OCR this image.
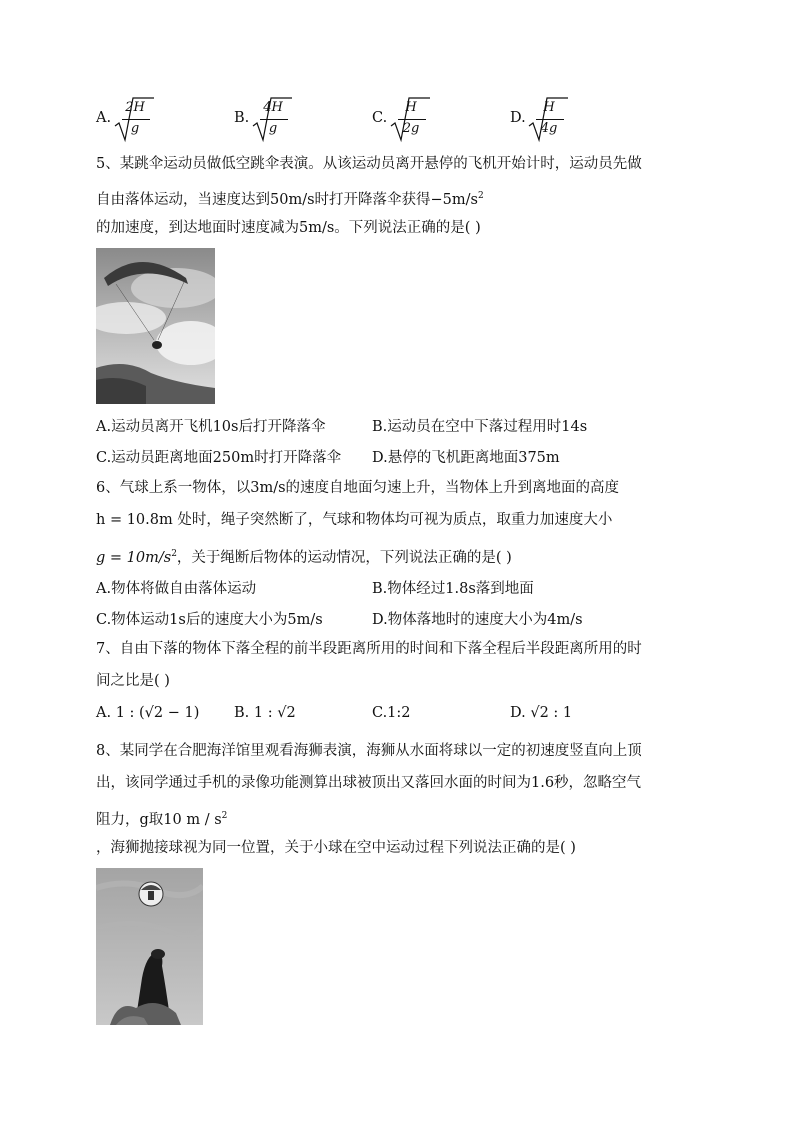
A.
2H
g
B.
4H
g
C.
H
2g
D.
H
4g
5、某跳伞运动员做低空跳伞表演。从该运动员离开悬停的飞机开始计时，运动员先做
自由落体运动，当速度达到50m/s时打开降落伞获得$-5m/s^2$
的加速度，到达地面时速度减为5m/s。下列说法正确的是( )
A.运动员离开飞机10s后打开降落伞	B.运动员在空中下落过程用时14s
C.运动员距离地面250m时打开降落伞 D.悬停的飞机距离地面375m
6、气球上系一物体，以3m/s的速度自地面匀速上升，当物体上升到离地面的高度
h = 10.8m 处时，绳子突然断了，气球和物体均可视为质点，取重力加速度大小
$g = 10m/s^2$，关于绳断后物体的运动情况，下列说法正确的是( )
A.物体将做自由落体运动	B.物体经过1.8s落到地面
C.物体运动1s后的速度大小为5m/s	D.物体落地时的速度大小为4m/s
7、自由下落的物体下落全程的前半段距离所用的时间和下落全程后半段距离所用的时
间之比是( )
A. 1 : (√2 − 1) B. 1 : √2	C.1:2	D. √2 : 1
8、某同学在合肥海洋馆里观看海狮表演，海狮从水面将球以一定的初速度竖直向上顶
出，该同学通过手机的录像功能测算出球被顶出又落回水面的时间为1.6秒，忽略空气
阻力，g取10 m / $s^2$
，海狮抛接球视为同一位置，关于小球在空中运动过程下列说法正确的是( )
